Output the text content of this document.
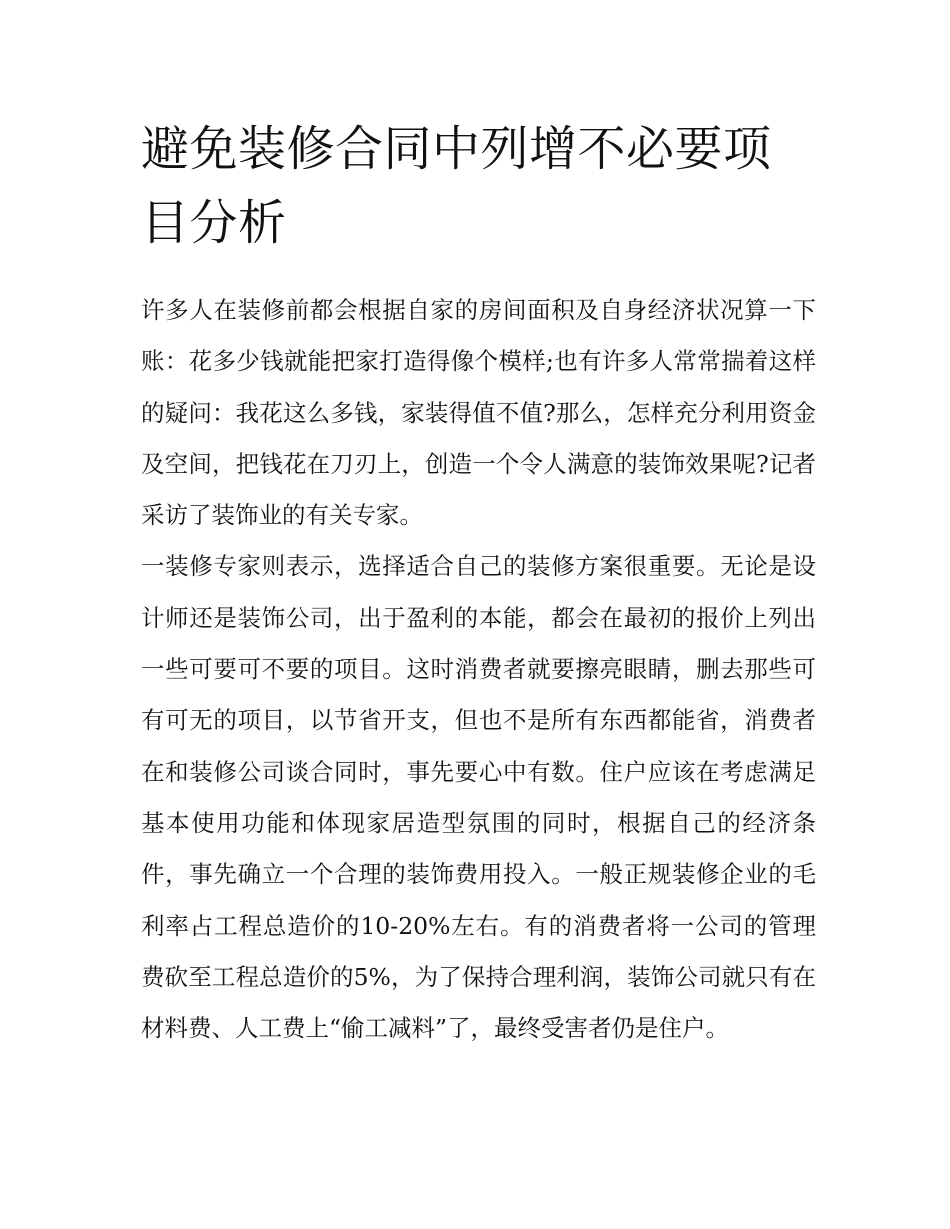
避免装修合同中列增不必要项目分析

许多人在装修前都会根据自家的房间面积及自身经济状况算一下账：花多少钱就能把家打造得像个模样;也有许多人常常揣着这样的疑问：我花这么多钱，家装得值不值?那么，怎样充分利用资金及空间，把钱花在刀刃上，创造一个令人满意的装饰效果呢?记者采访了装饰业的有关专家。

一装修专家则表示，选择适合自己的装修方案很重要。无论是设计师还是装饰公司，出于盈利的本能，都会在最初的报价上列出一些可要可不要的项目。这时消费者就要擦亮眼睛，删去那些可有可无的项目，以节省开支，但也不是所有东西都能省，消费者在和装修公司谈合同时，事先要心中有数。住户应该在考虑满足基本使用功能和体现家居造型氛围的同时，根据自己的经济条件，事先确立一个合理的装饰费用投入。一般正规装修企业的毛利率占工程总造价的10-20%左右。有的消费者将一公司的管理费砍至工程总造价的5%，为了保持合理利润，装饰公司就只有在材料费、人工费上“偷工减料”了，最终受害者仍是住户。
